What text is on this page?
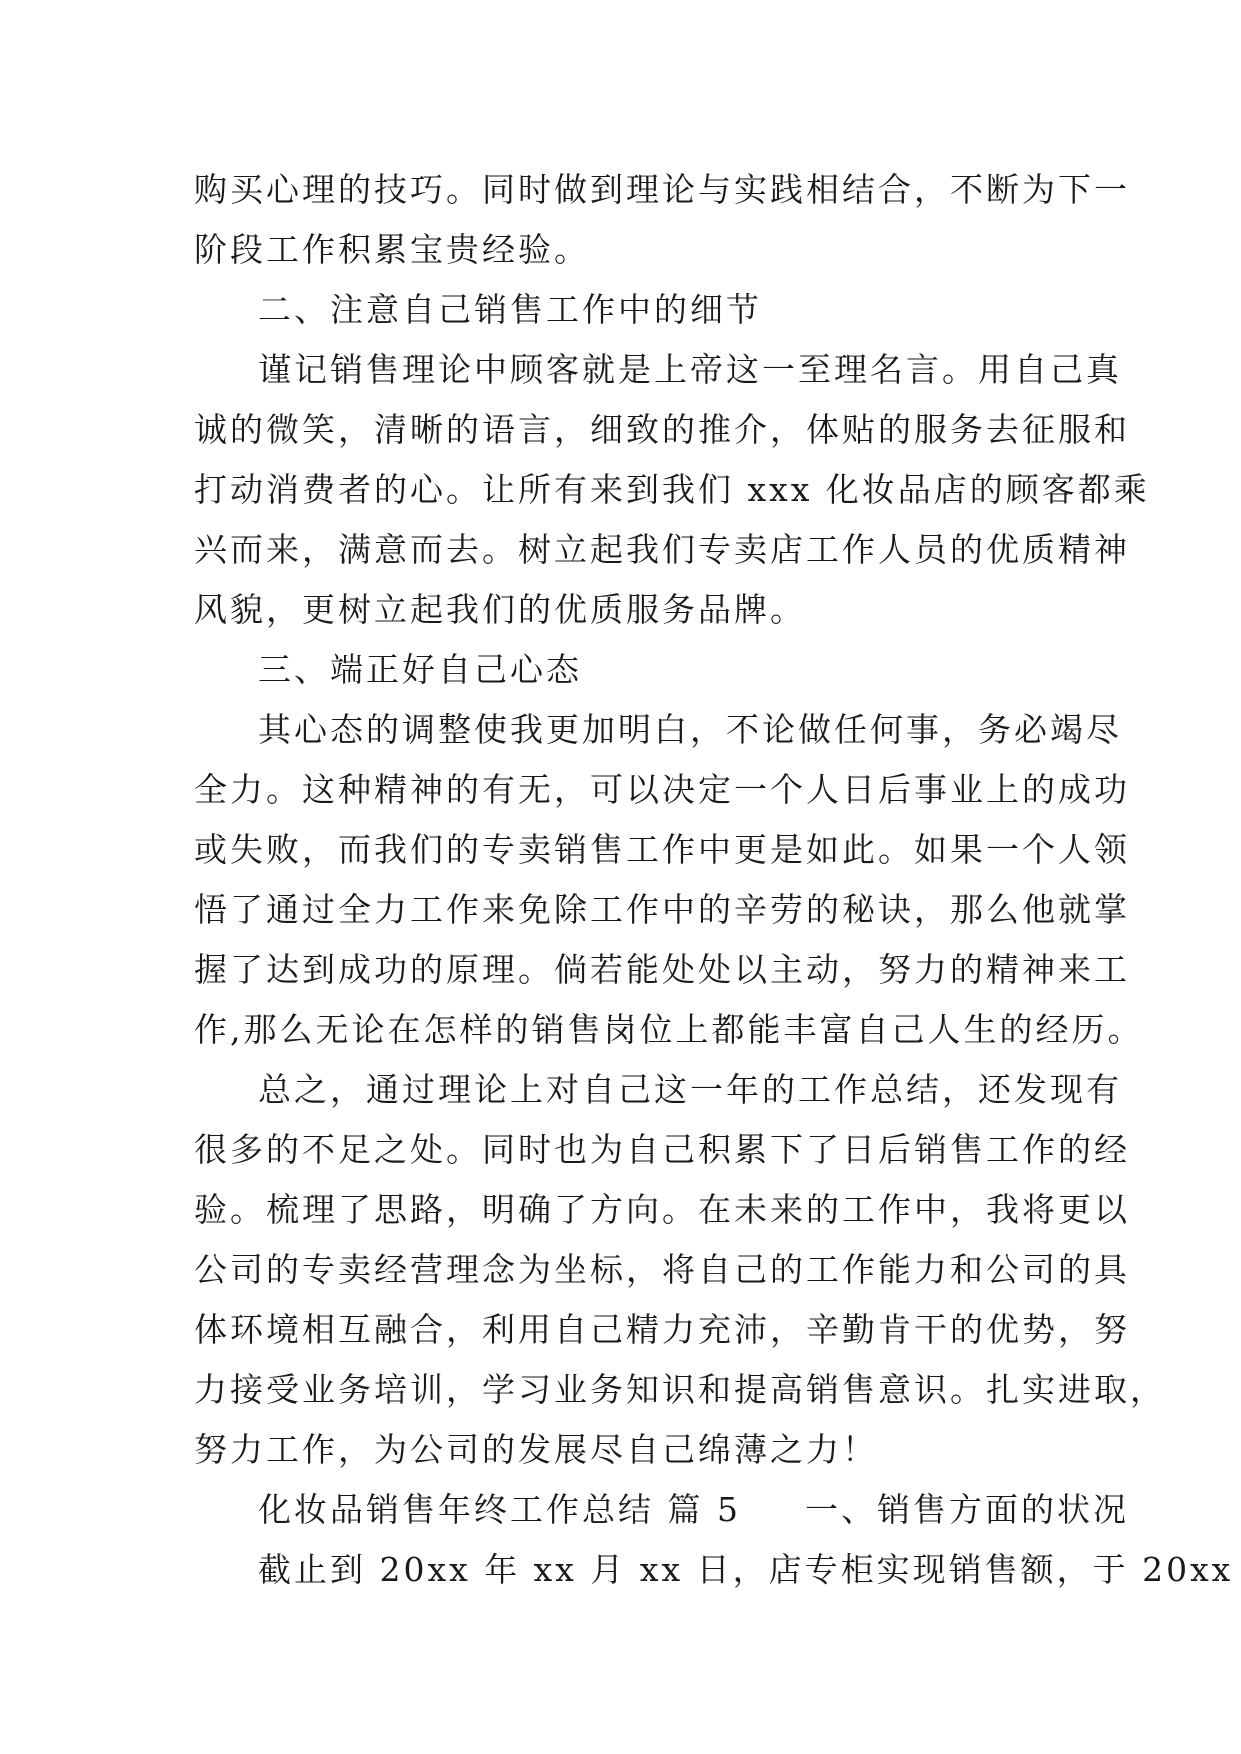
购买心理的技巧。同时做到理论与实践相结合，不断为下一
阶段工作积累宝贵经验。
二、注意自己销售工作中的细节
谨记销售理论中顾客就是上帝这一至理名言。用自己真
诚的微笑，清晰的语言，细致的推介，体贴的服务去征服和
打动消费者的心。让所有来到我们 xxx 化妆品店的顾客都乘
兴而来，满意而去。树立起我们专卖店工作人员的优质精神
风貌，更树立起我们的优质服务品牌。
三、端正好自己心态
其心态的调整使我更加明白，不论做任何事，务必竭尽
全力。这种精神的有无，可以决定一个人日后事业上的成功
或失败，而我们的专卖销售工作中更是如此。如果一个人领
悟了通过全力工作来免除工作中的辛劳的秘诀，那么他就掌
握了达到成功的原理。倘若能处处以主动，努力的精神来工
作,那么无论在怎样的销售岗位上都能丰富自己人生的经历。
总之，通过理论上对自己这一年的工作总结，还发现有
很多的不足之处。同时也为自己积累下了日后销售工作的经
验。梳理了思路，明确了方向。在未来的工作中，我将更以
公司的专卖经营理念为坐标，将自己的工作能力和公司的具
体环境相互融合，利用自己精力充沛，辛勤肯干的优势，努
力接受业务培训，学习业务知识和提高销售意识。扎实进取，
努力工作，为公司的发展尽自己绵薄之力！
化妆品销售年终工作总结 篇 5 一、销售方面的状况
截止到 20xx 年 xx 月 xx 日，店专柜实现销售额，于 20xx
